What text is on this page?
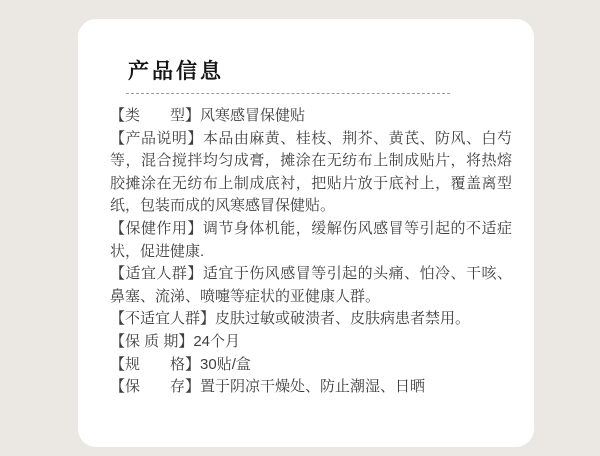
产品信息

【类　　型】风寒感冒保健贴

【产品说明】本品由麻黄、桂枝、荆芥、黄芪、防风、白芍等，混合搅拌均匀成膏，摊涂在无纺布上制成贴片，将热熔胶摊涂在无纺布上制成底衬，把贴片放于底衬上，覆盖离型纸，包装而成的风寒感冒保健贴。

【保健作用】调节身体机能，缓解伤风感冒等引起的不适症状，促进健康.

【适宜人群】适宜于伤风感冒等引起的头痛、怕冷、干咳、鼻塞、流涕、喷嚏等症状的亚健康人群。

【不适宜人群】皮肤过敏或破溃者、皮肤病患者禁用。

【保 质 期】24个月

【规　　格】30贴/盒

【保　　存】置于阴凉干燥处、防止潮湿、日晒
